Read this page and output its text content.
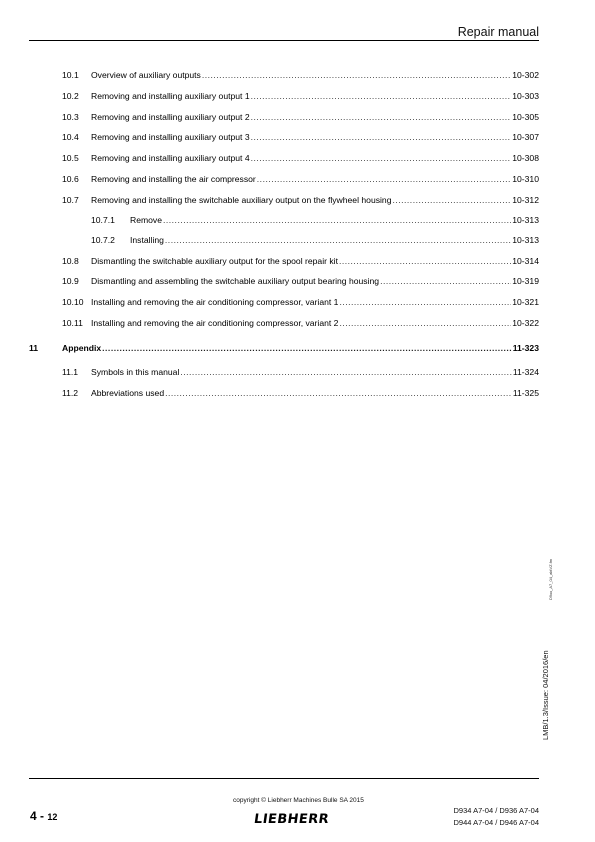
Repair manual
10.1	Overview of auxiliary outputs .....	10-302
10.2	Removing and installing auxiliary output 1 .....	10-303
10.3	Removing and installing auxiliary output 2 .....	10-305
10.4	Removing and installing auxiliary output 3 .....	10-307
10.5	Removing and installing auxiliary output 4 .....	10-308
10.6	Removing and installing the air compressor .....	10-310
10.7	Removing and installing the switchable auxiliary output on the flywheel housing .....	10-312
10.7.1	Remove .....	10-313
10.7.2	Installing .....	10-313
10.8	Dismantling the switchable auxiliary output for the spool repair kit .....	10-314
10.9	Dismantling and assembling the switchable auxiliary output bearing housing .....	10-319
10.10 Installing and removing the air conditioning compressor, variant 1 .....	10-321
10.11 Installing and removing the air conditioning compressor, variant 2 .....	10-322
11	Appendix .....	11-323
11.1	Symbols in this manual .....	11-324
11.2	Abbreviations used .....	11-325
D9xx_A7_04_aktVZ.fm
LMB/1.3/Issue: 04/2016/en
4 - 12
copyright © Liebherr Machines Bulle SA 2015
LIEBHERR
D934 A7-04 / D936 A7-04
D944 A7-04 / D946 A7-04
